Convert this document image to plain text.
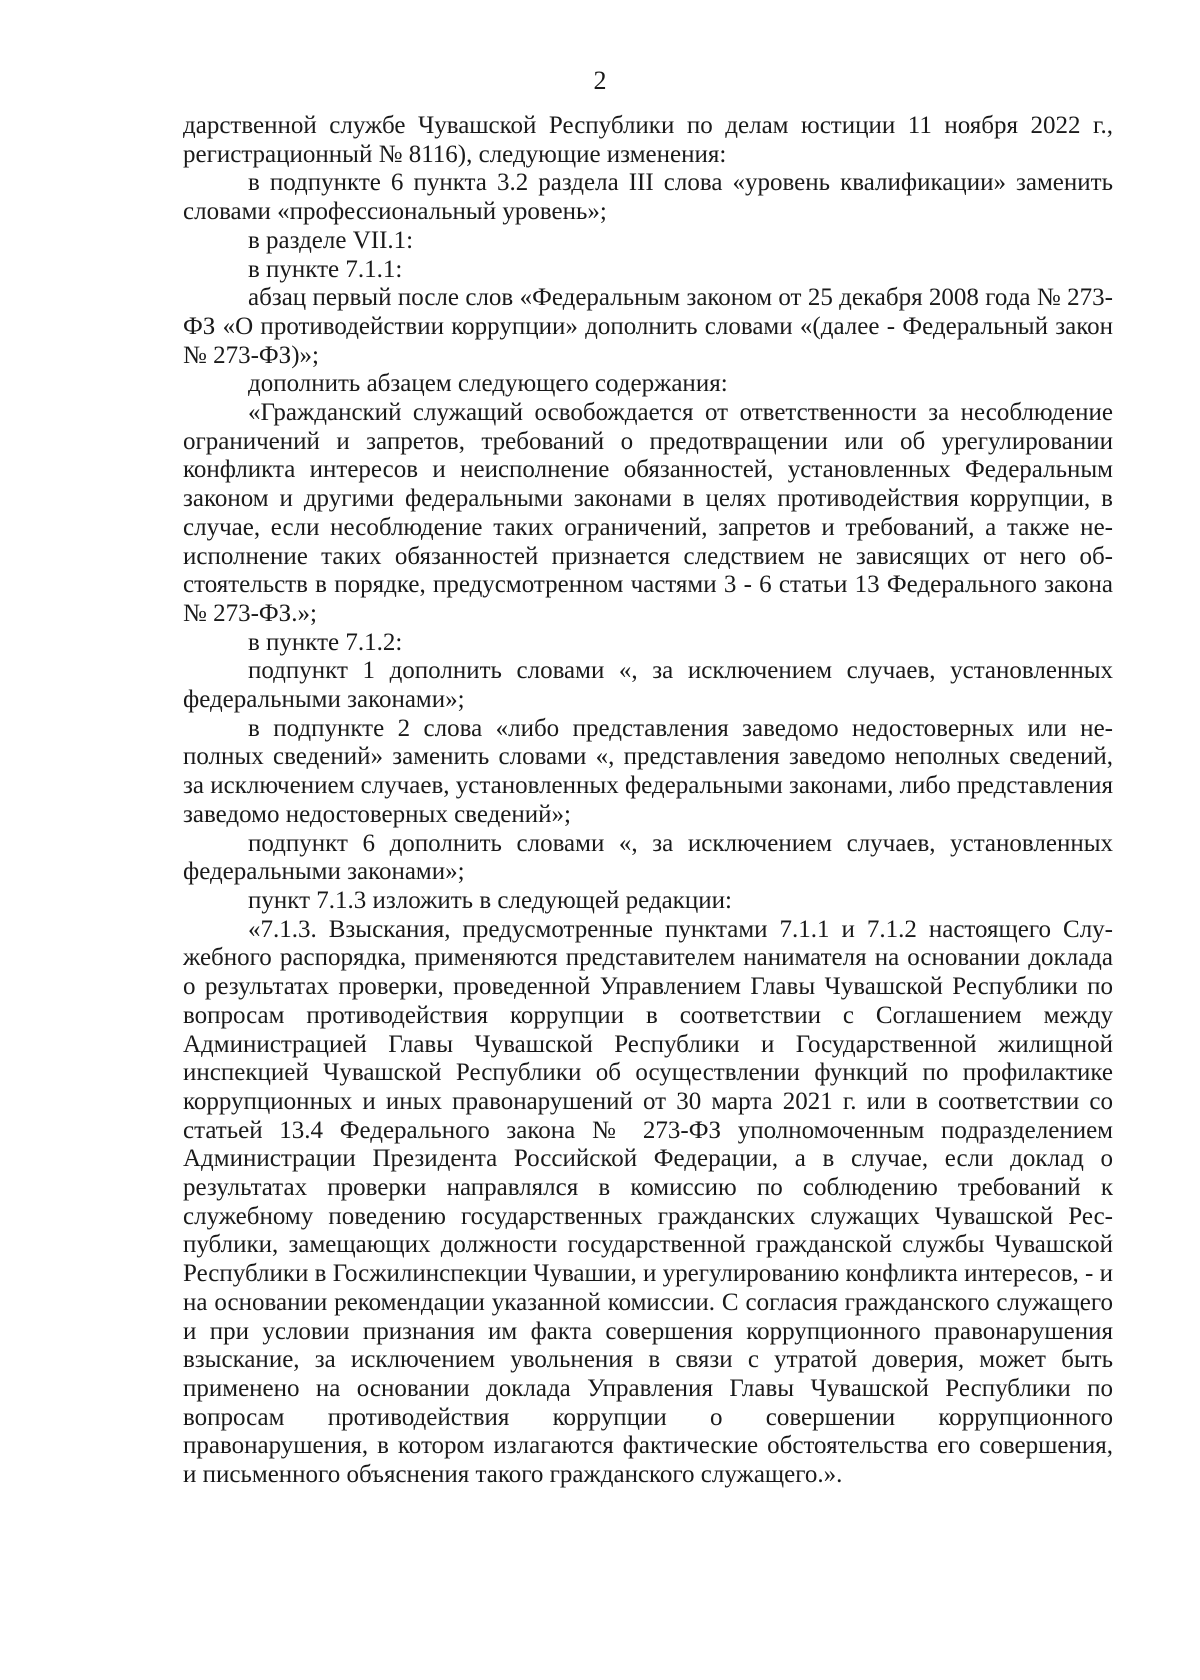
2

дарственной службе Чувашской Республики по делам юстиции 11 ноября 2022 г., регистрационный № 8116), следующие изменения:

в подпункте 6 пункта 3.2 раздела III слова «уровень квалификации» заменить словами «профессиональный уровень»;

в разделе VII.1:

в пункте 7.1.1:

абзац первый после слов «Федеральным законом от 25 декабря 2008 года № 273-ФЗ «О противодействии коррупции» дополнить словами «(далее - Федеральный закон № 273-ФЗ)»;

дополнить абзацем следующего содержания:

«Гражданский служащий освобождается от ответственности за несоблюдение ограничений и запретов, требований о предотвращении или об урегулировании конфликта интересов и неисполнение обязанностей, установленных Федеральным законом и другими федеральными законами в целях противодействия коррупции, в случае, если несоблюдение таких ограничений, запретов и требований, а также неисполнение таких обязанностей признается следствием не зависящих от него обстоятельств в порядке, предусмотренном частями 3 - 6 статьи 13 Федерального закона № 273-ФЗ.»;

в пункте 7.1.2:

подпункт 1 дополнить словами «, за исключением случаев, установленных федеральными законами»;

в подпункте 2 слова «либо представления заведомо недостоверных или неполных сведений» заменить словами «, представления заведомо неполных сведений, за исключением случаев, установленных федеральными законами, либо представления заведомо недостоверных сведений»;

подпункт 6 дополнить словами «, за исключением случаев, установленных федеральными законами»;

пункт 7.1.3 изложить в следующей редакции:

«7.1.3. Взыскания, предусмотренные пунктами 7.1.1 и 7.1.2 настоящего Служебного распорядка, применяются представителем нанимателя на основании доклада о результатах проверки, проведенной Управлением Главы Чувашской Республики по вопросам противодействия коррупции в соответствии с Соглашением между Администрацией Главы Чувашской Республики и Государственной жилищной инспекцией Чувашской Республики об осуществлении функций по профилактике коррупционных и иных правонарушений от 30 марта 2021 г. или в соответствии со статьей 13.4 Федерального закона № 273-ФЗ уполномоченным подразделением Администрации Президента Российской Федерации, а в случае, если доклад о результатах проверки направлялся в комиссию по соблюдению требований к служебному поведению государственных гражданских служащих Чувашской Республики, замещающих должности государственной гражданской службы Чувашской Республики в Госжилинспекции Чувашии, и урегулированию конфликта интересов, - и на основании рекомендации указанной комиссии. С согласия гражданского служащего и при условии признания им факта совершения коррупционного правонарушения взыскание, за исключением увольнения в связи с утратой доверия, может быть применено на основании доклада Управления Главы Чувашской Республики по вопросам противодействия коррупции о совершении коррупционного правонарушения, в котором излагаются фактические обстоятельства его совершения, и письменного объяснения такого гражданского служащего.».
